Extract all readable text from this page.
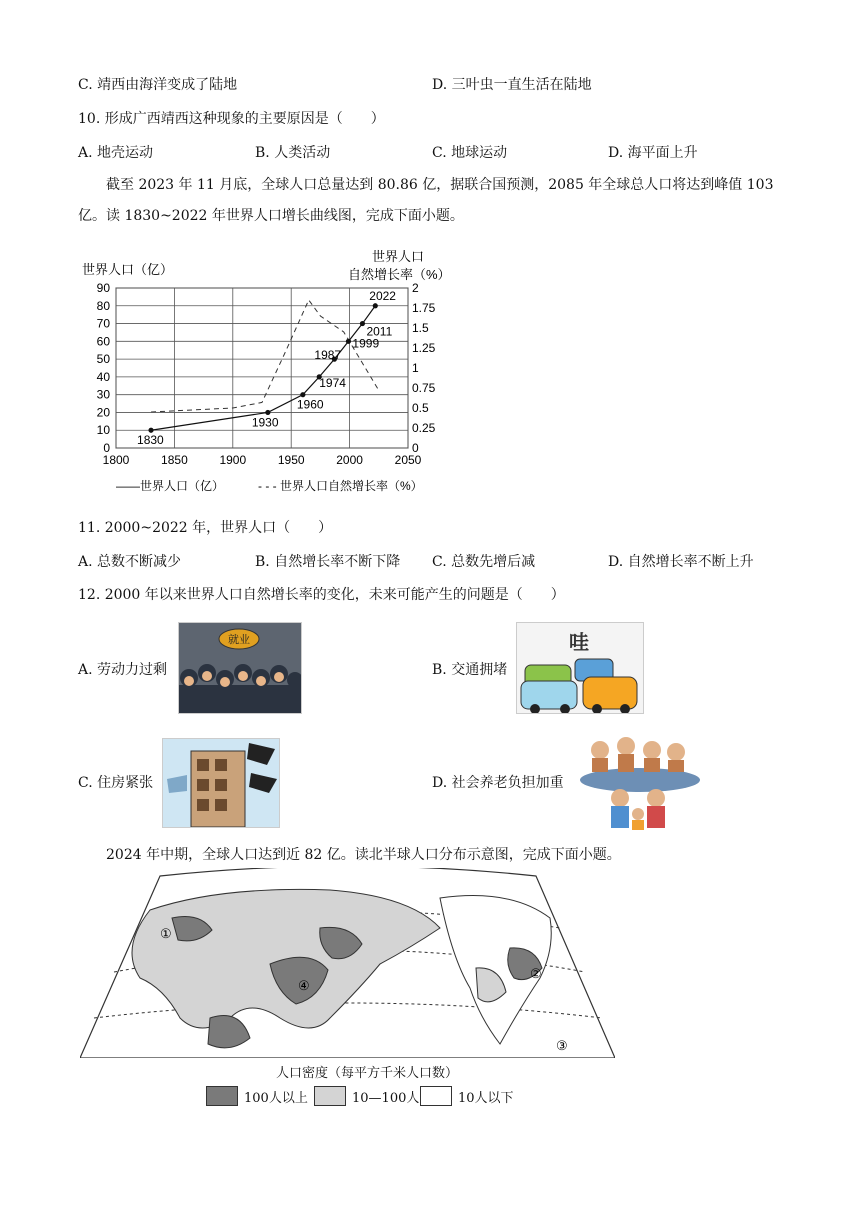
C. 靖西由海洋变成了陆地	D. 三叶虫一直生活在陆地
10. 形成广西靖西这种现象的主要原因是（　　）
A. 地壳运动	B. 人类活动	C. 地球运动	D. 海平面上升
截至 2023 年 11 月底，全球人口总量达到 80.86 亿，据联合国预测，2085 年全球总人口将达到峰值 103 亿。读 1830~2022 年世界人口增长曲线图，完成下面小题。
世界人口（亿）
世界人口
自然增长率（%）
1800	1850	1900	1950	2000	2050
0
10
20
30
40
50
60
70
80
90
0
0.25
0.5
0.75
1
1.25
1.5
1.75
2
1830
1930
1960
1974
1987
1999
2011
2022
——世界人口（亿）	- - - 世界人口自然增长率（%）
11. 2000~2022 年，世界人口（　　）
A. 总数不断减少	B. 自然增长率不断下降 C. 总数先增后减	D. 自然增长率不断上升
12. 2000 年以来世界人口自然增长率的变化，未来可能产生的问题是（　　）
A. 劳动力过剩
就业
B. 交通拥堵
哇
C. 住房紧张	D. 社会养老负担加重
2024 年中期，全球人口达到近 82 亿。读北半球人口分布示意图，完成下面小题。
①
②
③
④
人口密度（每平方千米人口数）
100人以上	10—100人	10人以下
